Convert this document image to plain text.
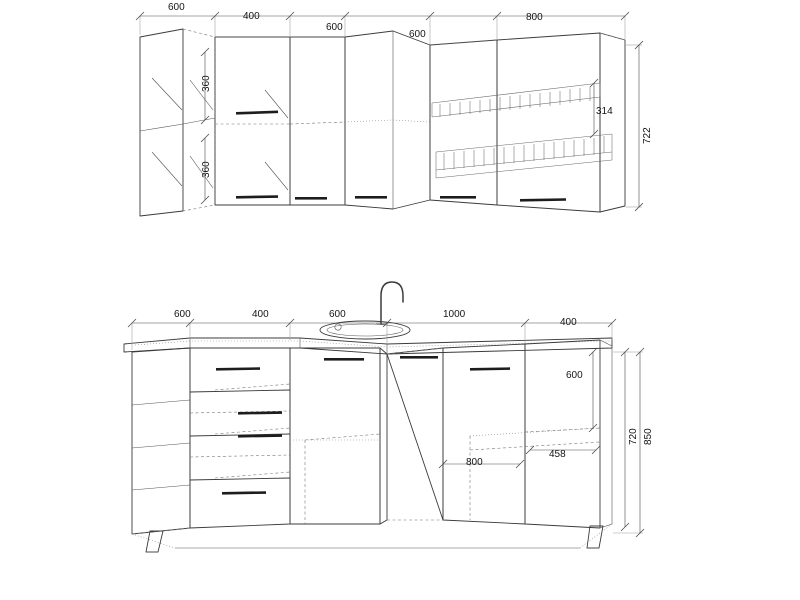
600
400
600
600
800
360
360
314
722
600	400	600	1000
400
600
720 850
800
458
